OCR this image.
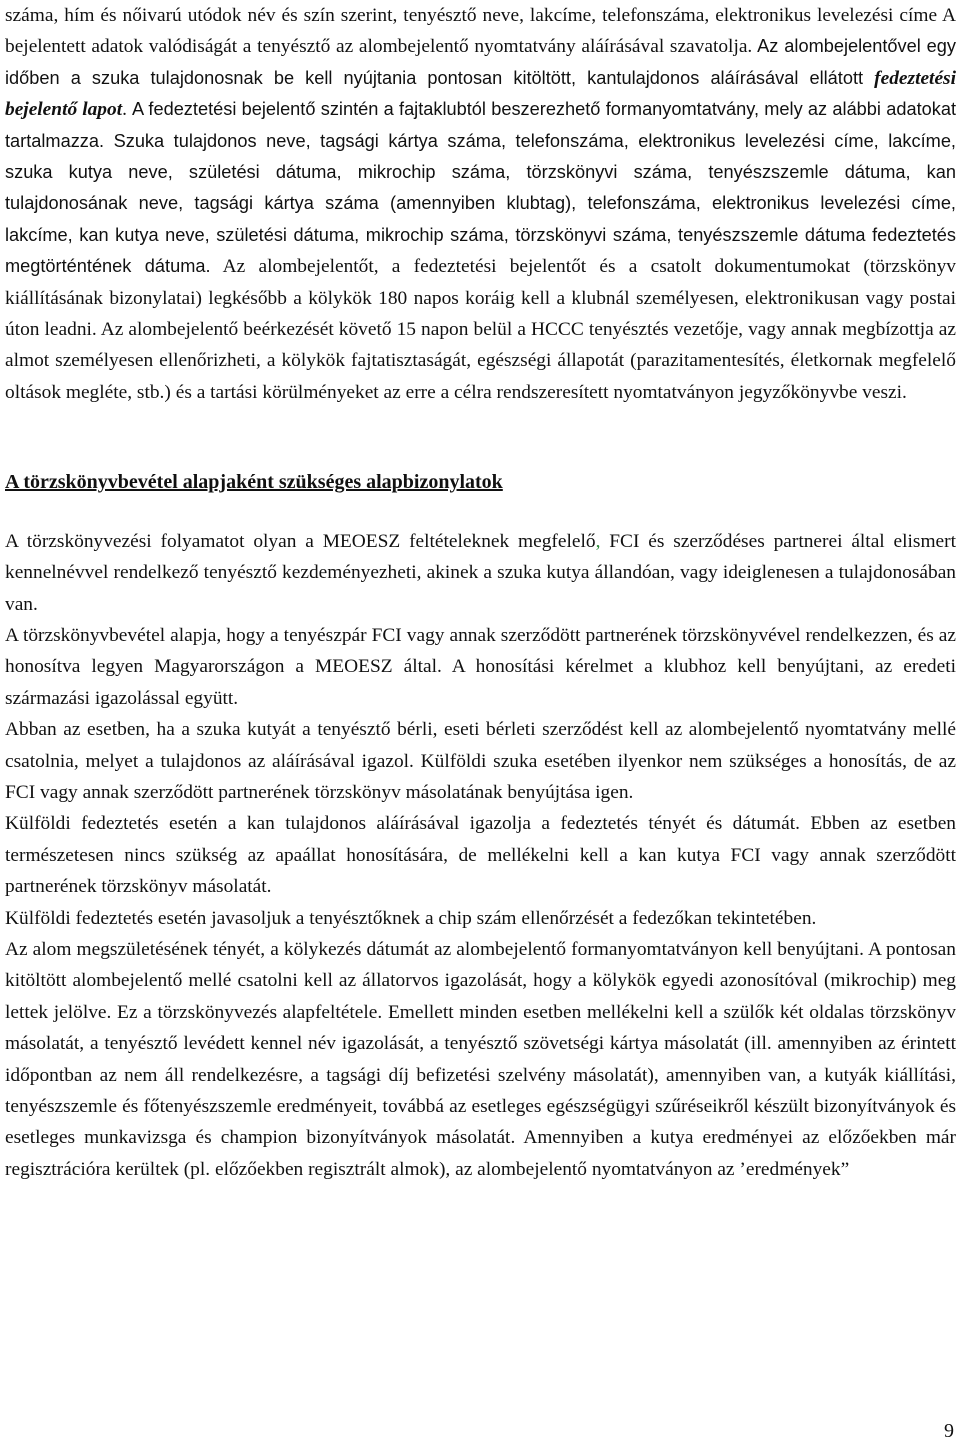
száma, hím és nőivarú utódok név és szín szerint, tenyésztő neve, lakcíme, telefonszáma, elektronikus levelezési címe A bejelentett adatok valódiságát a tenyésztő az alombejelentő nyomtatvány aláírásával szavatolja. Az alombejelentővel egy időben a szuka tulajdonosnak be kell nyújtania pontosan kitöltött, kantulajdonos aláírásával ellátott fedeztetési bejelentő lapot. A fedeztetési bejelentő szintén a fajtaklubtól beszerezhető formanyomtatvány, mely az alábbi adatokat tartalmazza. Szuka tulajdonos neve, tagsági kártya száma, telefonszáma, elektronikus levelezési címe, lakcíme, szuka kutya neve, születési dátuma, mikrochip száma, törzskönyvi száma, tenyészszemle dátuma, kan tulajdonosának neve, tagsági kártya száma (amennyiben klubtag), telefonszáma, elektronikus levelezési címe, lakcíme, kan kutya neve, születési dátuma, mikrochip száma, törzskönyvi száma, tenyészszemle dátuma fedeztetés megtörténtének dátuma. Az alombejelentőt, a fedeztetési bejelentőt és a csatolt dokumentumokat (törzskönyv kiállításának bizonylatai) legkésőbb a kölykök 180 napos koráig kell a klubnál személyesen, elektronikusan vagy postai úton leadni. Az alombejelentő beérkezését követő 15 napon belül a HCCC tenyésztés vezetője, vagy annak megbízottja az almot személyesen ellenőrizheti, a kölykök fajtatisztaságát, egészségi állapotát (parazitamentesítés, életkornak megfelelő oltások megléte, stb.) és a tartási körülményeket az erre a célra rendszeresített nyomtatványon jegyzőkönyvbe veszi.

A törzskönyvbevétel alapjaként szükséges alapbizonylatok

A törzskönyvezési folyamatot olyan a MEOESZ feltételeknek megfelelő, FCI és szerződéses partnerei által elismert kennelnévvel rendelkező tenyésztő kezdeményezheti, akinek a szuka kutya állandóan, vagy ideiglenesen a tulajdonosában van.

A törzskönyvbevétel alapja, hogy a tenyészpár FCI vagy annak szerződött partnerének törzskönyvével rendelkezzen, és az honosítva legyen Magyarországon a MEOESZ által. A honosítási kérelmet a klubhoz kell benyújtani, az eredeti származási igazolással együtt.

Abban az esetben, ha a szuka kutyát a tenyésztő bérli, eseti bérleti szerződést kell az alombejelentő nyomtatvány mellé csatolnia, melyet a tulajdonos az aláírásával igazol. Külföldi szuka esetében ilyenkor nem szükséges a honosítás, de az FCI vagy annak szerződött partnerének törzskönyv másolatának benyújtása igen.

Külföldi fedeztetés esetén a kan tulajdonos aláírásával igazolja a fedeztetés tényét és dátumát. Ebben az esetben természetesen nincs szükség az apaállat honosítására, de mellékelni kell a kan kutya FCI vagy annak szerződött partnerének törzskönyv másolatát.

Külföldi fedeztetés esetén javasoljuk a tenyésztőknek a chip szám ellenőrzését a fedezőkan tekintetében.

Az alom megszületésének tényét, a kölykezés dátumát az alombejelentő formanyomtatványon kell benyújtani. A pontosan kitöltött alombejelentő mellé csatolni kell az állatorvos igazolását, hogy a kölykök egyedi azonosítóval (mikrochip) meg lettek jelölve. Ez a törzskönyvezés alapfeltétele. Emellett minden esetben mellékelni kell a szülők két oldalas törzskönyv másolatát, a tenyésztő levédett kennel név igazolását, a tenyésztő szövetségi kártya másolatát (ill. amennyiben az érintett időpontban az nem áll rendelkezésre, a tagsági díj befizetési szelvény másolatát), amennyiben van, a kutyák kiállítási, tenyészszemle és főtenyészszemle eredményeit, továbbá az esetleges egészségügyi szűréseikről készült bizonyítványok és esetleges munkavizsga és champion bizonyítványok másolatát. Amennyiben a kutya eredményei az előzőekben már regisztrációra kerültek (pl. előzőekben regisztrált almok), az alombejelentő nyomtatványon az ’eredmények”

9
